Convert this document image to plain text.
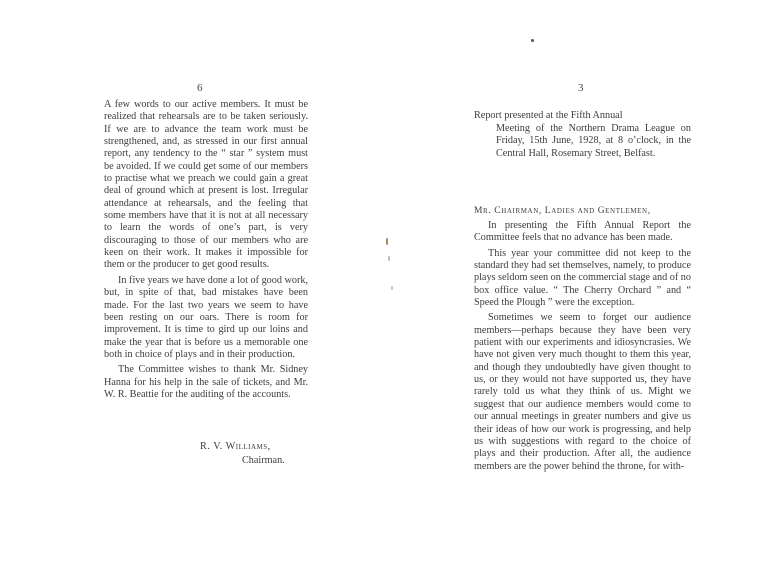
6

A few words to our active members. It must be realized that rehearsals are to be taken seriously. If we are to advance the team work must be strengthened, and, as stressed in our first annual report, any tendency to the “ star ” system must be avoided. If we could get some of our members to practise what we preach we could gain a great deal of ground which at present is lost. Irregular attendance at rehearsals, and the feeling that some members have that it is not at all necessary to learn the words of one’s part, is very discouraging to those of our members who are keen on their work. It makes it impossible for them or the producer to get good results.

In five years we have done a lot of good work, but, in spite of that, bad mistakes have been made. For the last two years we seem to have been resting on our oars. There is room for improvement. It is time to gird up our loins and make the year that is before us a memorable one both in choice of plays and in their production.

The Committee wishes to thank Mr. Sidney Hanna for his help in the sale of tickets, and Mr. W. R. Beattie for the auditing of the accounts.

R. V. Williams,
Chairman.
3
Report presented at the Fifth Annual
Meeting of the Northern Drama League on Friday, 15th June, 1928, at 8 o’clock, in the Central Hall, Rosemary Street, Belfast.
Mr. Chairman, Ladies and Gentlemen,

In presenting the Fifth Annual Report the Committee feels that no advance has been made.

This year your committee did not keep to the standard they had set themselves, namely, to produce plays seldom seen on the commercial stage and of no box office value. “ The Cherry Orchard ” and “ Speed the Plough ” were the exception.

Sometimes we seem to forget our audience members—perhaps because they have been very patient with our experiments and idiosyncrasies. We have not given very much thought to them this year, and though they undoubtedly have given thought to us, or they would not have supported us, they have rarely told us what they think of us. Might we suggest that our audience members would come to our annual meetings in greater numbers and give us their ideas of how our work is progressing, and help us with suggestions with regard to the choice of plays and their production. After all, the audience members are the power behind the throne, for with-
